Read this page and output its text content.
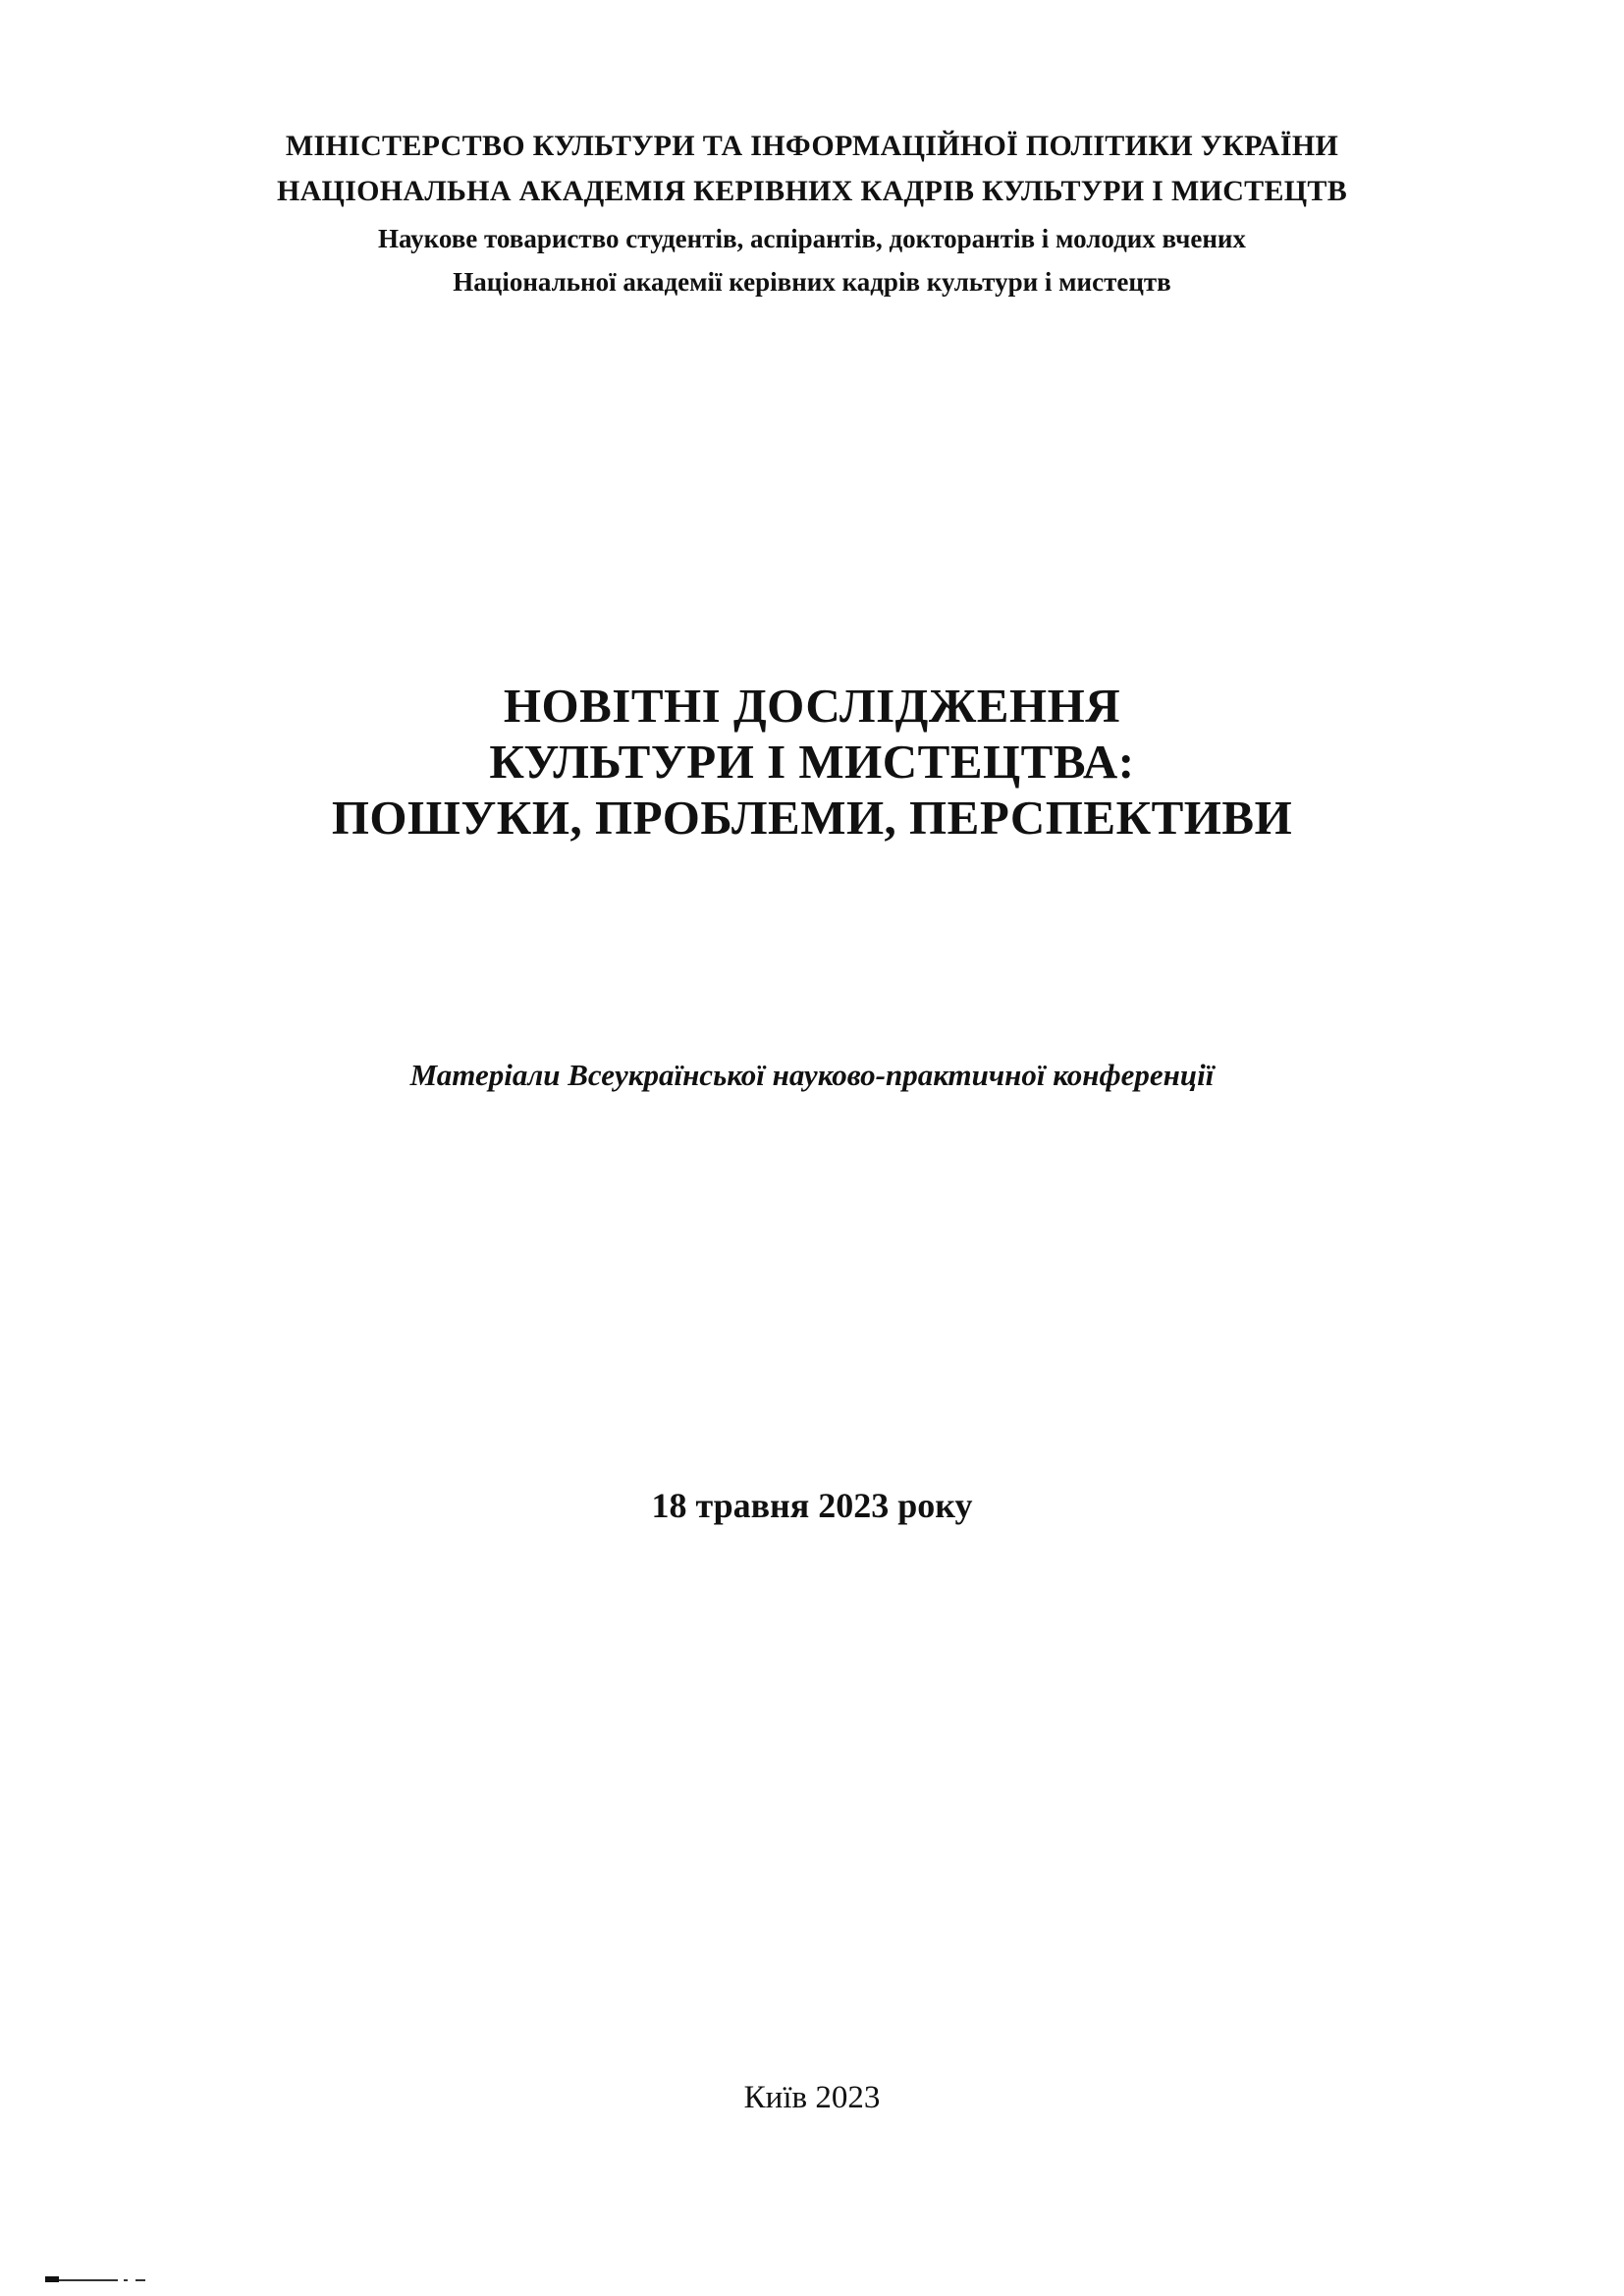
МІНІСТЕРСТВО КУЛЬТУРИ ТА ІНФОРМАЦІЙНОЇ ПОЛІТИКИ УКРАЇНИ
НАЦІОНАЛЬНА АКАДЕМІЯ КЕРІВНИХ КАДРІВ КУЛЬТУРИ І МИСТЕЦТВ
Наукове товариство студентів, аспірантів, докторантів і молодих вчених
Національної академії керівних кадрів культури і мистецтв
НОВІТНІ ДОСЛІДЖЕННЯ
КУЛЬТУРИ І МИСТЕЦТВА:
ПОШУКИ, ПРОБЛЕМИ, ПЕРСПЕКТИВИ
Матеріали Всеукраїнської науково-практичної конференції
18 травня 2023 року
Київ 2023
